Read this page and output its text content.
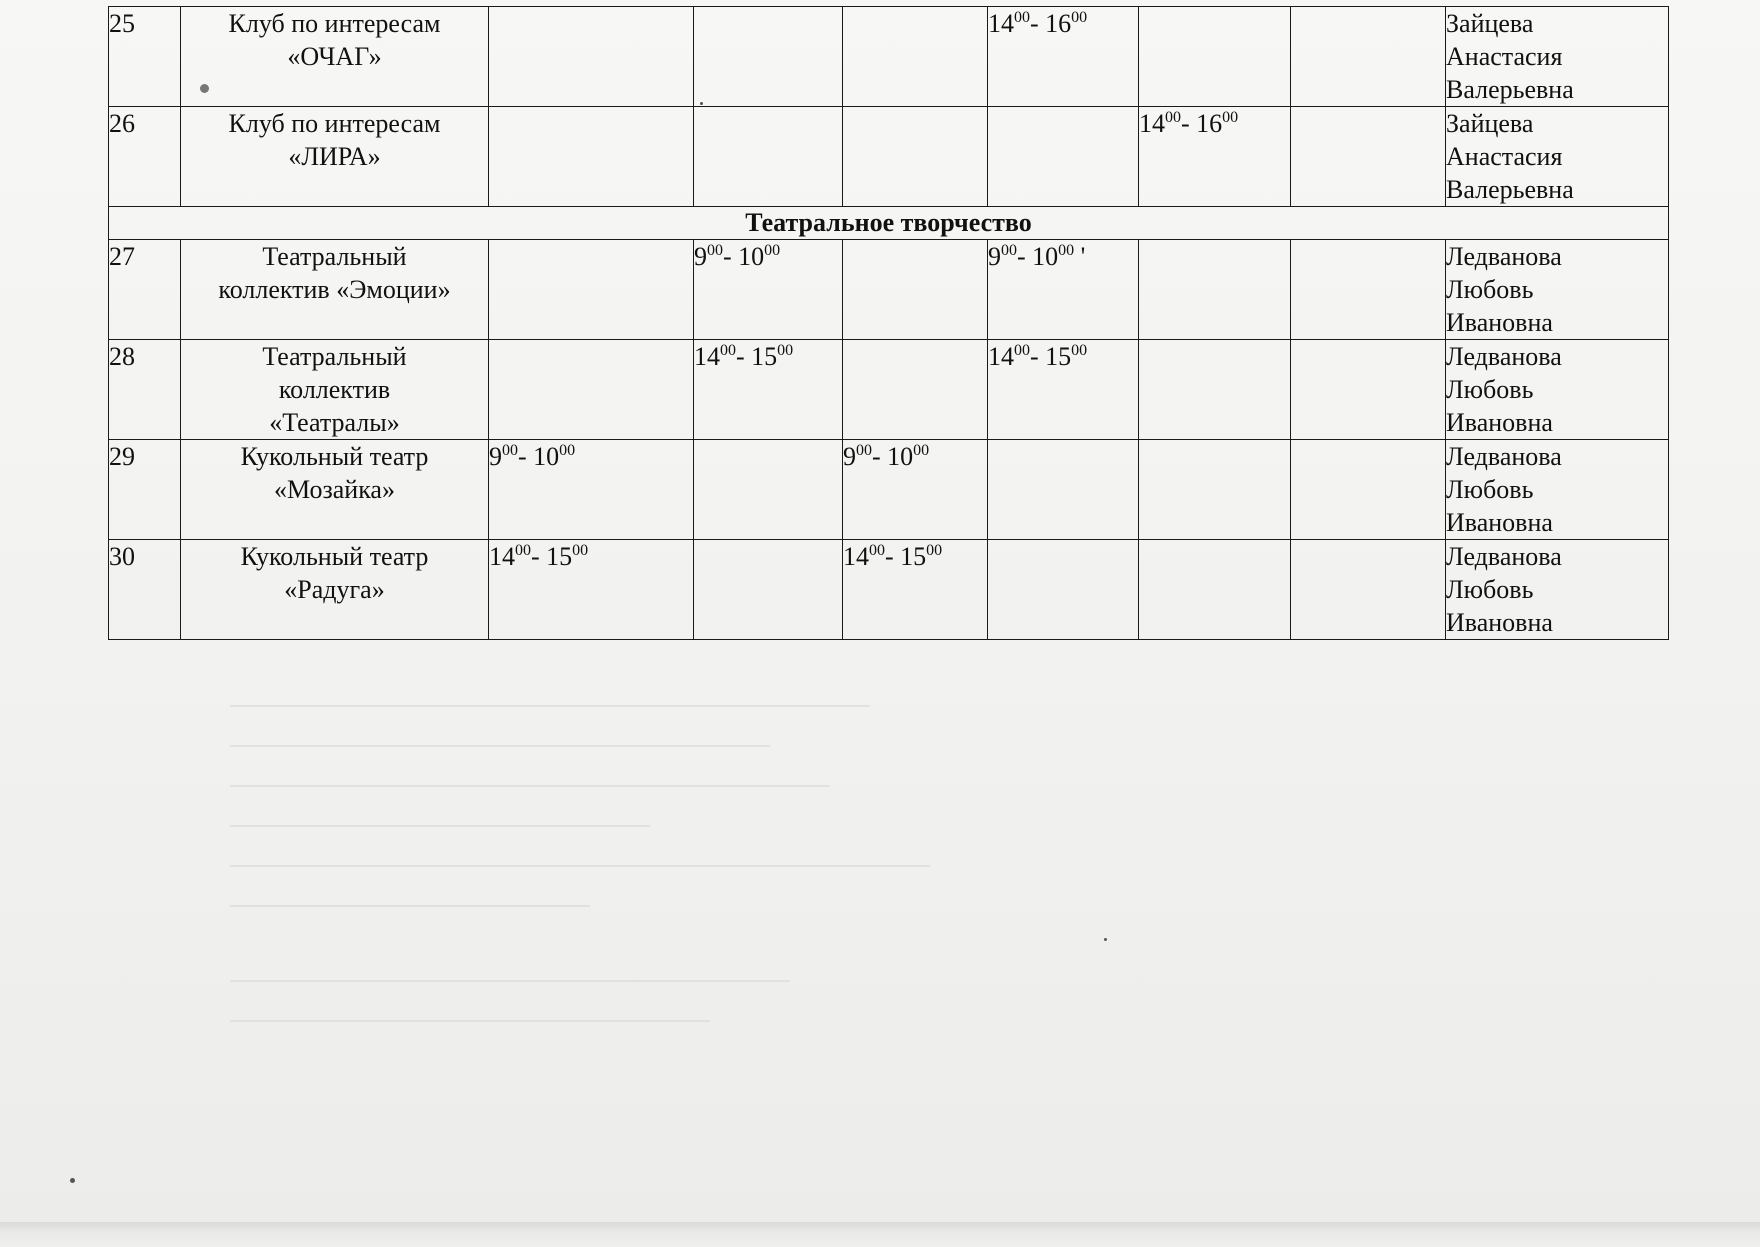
25	Клуб по интересам
«ОЧАГ»				$14^{00}-$ $16^{00}$			Зайцева
Анастасия
Валерьевна

26	Клуб по интересам
«ЛИРА»					$14^{00}-$ $16^{00}$		Зайцева
Анастасия
Валерьевна

Театральное творчество								
27	Театральный
коллектив «Эмоции»		$9^{00}-$ $10^{00}$		$9^{00}-$ $10^{00}$ '			Ледванова
Любовь
Ивановна

28	Театральный
коллектив
«Театралы»		$14^{00}-$ $15^{00}$		$14^{00}-$ $15^{00}$			Ледванова
Любовь
Ивановна

29	Кукольный театр
«Мозайка»	$9^{00}-$ $10^{00}$		$9^{00}-$ $10^{00}$				Ледванова
Любовь
Ивановна

30	Кукольный театр
«Радуга»	$14^{00}-$ $15^{00}$		$14^{00}-$ $15^{00}$				Ледванова
Любовь
Ивановна
